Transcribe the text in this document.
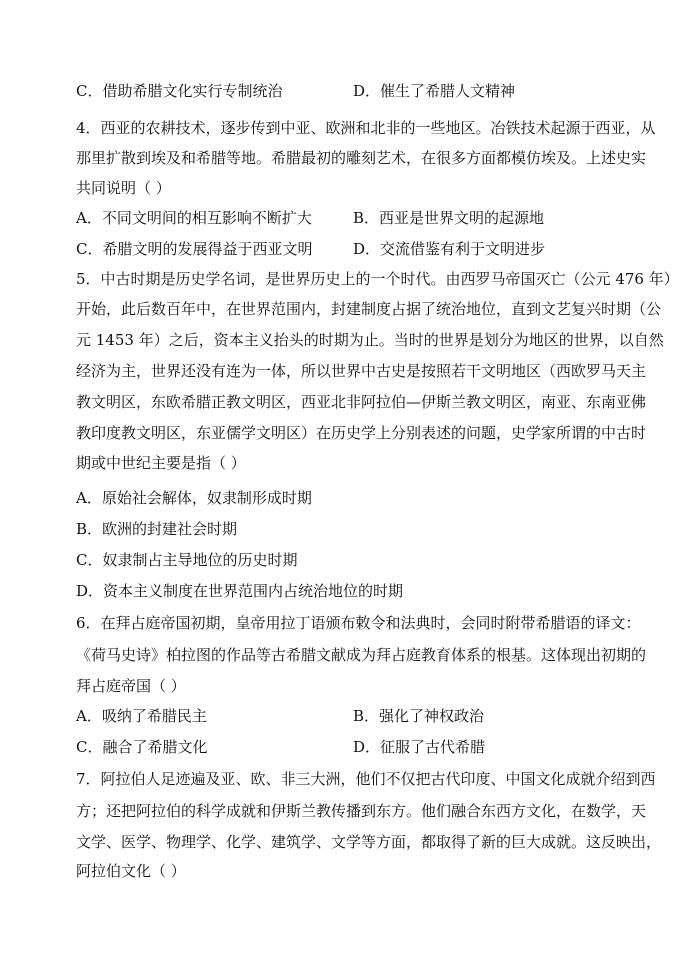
C．借助希腊文化实行专制统治	D．催生了希腊人文精神
4．西亚的农耕技术，逐步传到中亚、欧洲和北非的一些地区。冶铁技术起源于西亚，从
那里扩散到埃及和希腊等地。希腊最初的雕刻艺术，在很多方面都模仿埃及。上述史实
共同说明（ ）
A．不同文明间的相互影响不断扩大	B．西亚是世界文明的起源地
C．希腊文明的发展得益于西亚文明	D．交流借鉴有利于文明进步
5．中古时期是历史学名词，是世界历史上的一个时代。由西罗马帝国灭亡（公元 476 年）
开始，此后数百年中，在世界范围内，封建制度占据了统治地位，直到文艺复兴时期（公
元 1453 年）之后，资本主义抬头的时期为止。当时的世界是划分为地区的世界，以自然
经济为主，世界还没有连为一体，所以世界中古史是按照若干文明地区（西欧罗马天主
教文明区，东欧希腊正教文明区，西亚北非阿拉伯—伊斯兰教文明区，南亚、东南亚佛
教印度教文明区，东亚儒学文明区）在历史学上分别表述的问题，史学家所谓的中古时
期或中世纪主要是指（ ）
A．原始社会解体，奴隶制形成时期
B．欧洲的封建社会时期
C．奴隶制占主导地位的历史时期
D．资本主义制度在世界范围内占统治地位的时期
6．在拜占庭帝国初期，皇帝用拉丁语颁布敕令和法典时，会同时附带希腊语的译文：
《荷马史诗》柏拉图的作品等古希腊文献成为拜占庭教育体系的根基。这体现出初期的
拜占庭帝国（ ）
A．吸纳了希腊民主	B．强化了神权政治
C．融合了希腊文化	D．征服了古代希腊
7．阿拉伯人足迹遍及亚、欧、非三大洲，他们不仅把古代印度、中国文化成就介绍到西
方；还把阿拉伯的科学成就和伊斯兰教传播到东方。他们融合东西方文化，在数学，天
文学、医学、物理学、化学、建筑学、文学等方面，都取得了新的巨大成就。这反映出，
阿拉伯文化（ ）
